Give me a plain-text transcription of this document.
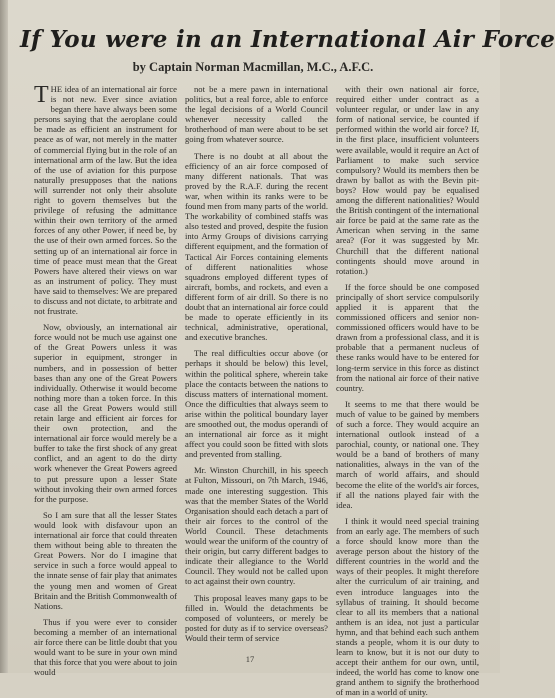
If You were in an International Air Force
by Captain Norman Macmillan, M.C., A.F.C.

THE idea of an international air force is not new. Ever since aviation began there have always been some persons saying that the aeroplane could be made as efficient an instrument for peace as of war, not merely in the matter of commercial flying but in the role of an international arm of the law. But the idea of the use of aviation for this purpose naturally presupposes that the nations will surrender not only their absolute right to govern themselves but the privilege of refusing the admittance within their own territory of the armed forces of any other Power, if need be, by the use of their own armed forces. So the setting up of an international air force in time of peace must mean that the Great Powers have altered their views on war as an instrument of policy. They must have said to themselves: We are prepared to discuss and not dictate, to arbitrate and not frustrate.

Now, obviously, an international air force would not be much use against one of the Great Powers unless it was superior in equipment, stronger in numbers, and in possession of better bases than any one of the Great Powers individually. Otherwise it would become nothing more than a token force. In this case all the Great Powers would still retain large and efficient air forces for their own protection, and the international air force would merely be a buffer to take the first shock of any great conflict, and an agent to do the dirty work whenever the Great Powers agreed to put pressure upon a lesser State without invoking their own armed forces for the purpose.

So I am sure that all the lesser States would look with disfavour upon an international air force that could threaten them without being able to threaten the Great Powers. Nor do I imagine that service in such a force would appeal to the innate sense of fair play that animates the young men and women of Great Britain and the British Commonwealth of Nations.

Thus if you were ever to consider becoming a member of an international air force there can be little doubt that you would want to be sure in your own mind that this force that you were about to join would

not be a mere pawn in international politics, but a real force, able to enforce the legal decisions of a World Council whenever necessity called the brotherhood of man were about to be set going from whatever source.

There is no doubt at all about the efficiency of an air force composed of many different nationals. That was proved by the R.A.F. during the recent war, when within its ranks were to be found men from many parts of the world. The workability of combined staffs was also tested and proved, despite the fusion into Army Groups of divisions carrying different equipment, and the formation of Tactical Air Forces containing elements of different nationalities whose squadrons employed different types of aircraft, bombs, and rockets, and even a different form of air drill. So there is no doubt that an international air force could be made to operate efficiently in its technical, administrative, operational, and executive branches.

The real difficulties occur above (or perhaps it should be below) this level, within the political sphere, wherein take place the contacts between the nations to discuss matters of international moment. Once the difficulties that always seem to arise within the political boundary layer are smoothed out, the modus operandi of an international air force as it might affect you could soon be fitted with slots and prevented from stalling.

Mr. Winston Churchill, in his speech at Fulton, Missouri, on 7th March, 1946, made one interesting suggestion. This was that the member States of the World Organisation should each detach a part of their air forces to the control of the World Council. These detachments would wear the uniform of the country of their origin, but carry different badges to indicate their allegiance to the World Council. They would not be called upon to act against their own country.

This proposal leaves many gaps to be filled in. Would the detachments be composed of volunteers, or merely be posted for duty as if to service overseas? Would their term of service

with their own national air force, required either under contract as a volunteer regular, or under law in any form of national service, be counted if performed within the world air force? If, in the first place, insufficient volunteers were available, would it require an Act of Parliament to make such service compulsory? Would its members then be drawn by ballot as with the Bevin pit-boys? How would pay be equalised among the different nationalities? Would the British contingent of the international air force be paid at the same rate as the American when serving in the same area? (For it was suggested by Mr. Churchill that the different national contingents should move around in rotation.)

If the force should be one composed principally of short service compulsorily applied it is apparent that the commissioned officers and senior non-commissioned officers would have to be drawn from a professional class, and it is probable that a permanent nucleus of these ranks would have to be entered for long-term service in this force as distinct from the national air force of their native country.

It seems to me that there would be much of value to be gained by members of such a force. They would acquire an international outlook instead of a parochial, county, or national one. They would be a band of brothers of many nationalities, always in the van of the march of world affairs, and should become the elite of the world's air forces, if all the nations played fair with the idea.

I think it would need special training from an early age. The members of such a force should know more than the average person about the history of the different countries in the world and the ways of their peoples. It might therefore alter the curriculum of air training, and even introduce languages into the syllabus of training. It should become clear to all its members that a national anthem is an idea, not just a particular hymn, and that behind each such anthem stands a people, whom it is our duty to learn to know, but it is not our duty to accept their anthem for our own, until, indeed, the world has come to know one grand anthem to signify the brotherhood of man in a world of unity.

17
